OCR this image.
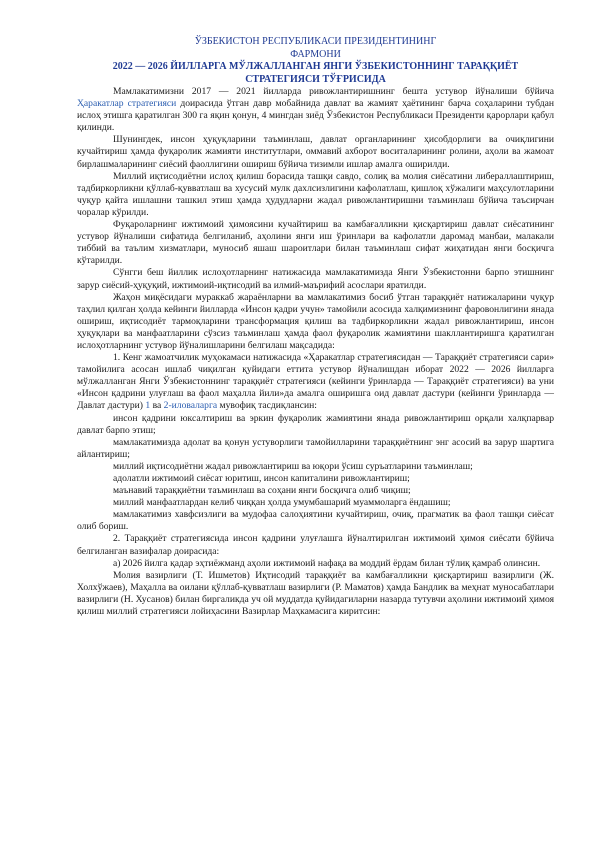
ЎЗБЕКИСТОН РЕСПУБЛИКАСИ ПРЕЗИДЕНТИНИНГ
ФАРМОНИ
2022 — 2026 ЙИЛЛАРГА МЎЛЖАЛЛАНГАН ЯНГИ ЎЗБЕКИСТОННИНГ ТАРАҚҚИЁТ СТРАТЕГИЯСИ ТЎҒРИСИДА

Мамлакатимизни 2017 — 2021 йилларда ривожлантиришнинг бешта устувор йўналиши бўйича Ҳаракатлар стратегияси доирасида ўтган давр мобайнида давлат ва жамият ҳаётининг барча соҳаларини тубдан ислоҳ этишга қаратилган 300 га яқин қонун, 4 мингдан зиёд Ўзбекистон Республикаси Президенти қарорлари қабул қилинди.

Шунингдек, инсон ҳуқуқларини таъминлаш, давлат органларининг ҳисобдорлиги ва очиқлигини кучайтириш ҳамда фуқаролик жамияти институтлари, оммавий ахборот воситаларининг ролини, аҳоли ва жамоат бирлашмаларининг сиёсий фаоллигини ошириш бўйича тизимли ишлар амалга оширилди.

Миллий иқтисодиётни ислоҳ қилиш борасида ташқи савдо, солиқ ва молия сиёсатини либераллаштириш, тадбиркорликни қўллаб-қувватлаш ва хусусий мулк дахлсизлигини кафолатлаш, қишлоқ хўжалиги маҳсулотларини чуқур қайта ишлашни ташкил этиш ҳамда ҳудудларни жадал ривожлантиришни таъминлаш бўйича таъсирчан чоралар кўрилди.

Фуқароларнинг ижтимоий ҳимоясини кучайтириш ва камбағалликни қисқартириш давлат сиёсатининг устувор йўналиши сифатида белгиланиб, аҳолини янги иш ўринлари ва кафолатли даромад манбаи, малакали тиббий ва таълим хизматлари, муносиб яшаш шароитлари билан таъминлаш сифат жиҳатидан янги босқичга кўтарилди.

Сўнгги беш йиллик ислоҳотларнинг натижасида мамлакатимизда Янги Ўзбекистонни барпо этишнинг зарур сиёсий-ҳуқуқий, ижтимоий-иқтисодий ва илмий-маърифий асослари яратилди.

Жаҳон миқёсидаги мураккаб жараёнларни ва мамлакатимиз босиб ўтган тараққиёт натижаларини чуқур таҳлил қилган ҳолда кейинги йилларда «Инсон қадри учун» тамойили асосида халқимизнинг фаровонлигини янада ошириш, иқтисодиёт тармоқларини трансформация қилиш ва тадбиркорликни жадал ривожлантириш, инсон ҳуқуқлари ва манфаатларини сўзсиз таъминлаш ҳамда фаол фуқаролик жамиятини шакллантиришга қаратилган ислоҳотларнинг устувор йўналишларини белгилаш мақсадида:

1. Кенг жамоатчилик муҳокамаси натижасида «Ҳаракатлар стратегиясидан — Тараққиёт стратегияси сари» тамойилига асосан ишлаб чиқилган қуйидаги еттита устувор йўналишдан иборат 2022 — 2026 йилларга мўлжалланган Янги Ўзбекистоннинг тараққиёт стратегияси (кейинги ўринларда — Тараққиёт стратегияси) ва уни «Инсон қадрини улуғлаш ва фаол маҳалла йили»да амалга оширишга оид давлат дастури (кейинги ўринларда — Давлат дастури) 1 ва 2-иловаларга мувофиқ тасдиқлансин:

инсон қадрини юксалтириш ва эркин фуқаролик жамиятини янада ривожлантириш орқали халқпарвар давлат барпо этиш;

мамлакатимизда адолат ва қонун устуворлиги тамойилларини тараққиётнинг энг асосий ва зарур шартига айлантириш;

миллий иқтисодиётни жадал ривожлантириш ва юқори ўсиш суръатларини таъминлаш;

адолатли ижтимоий сиёсат юритиш, инсон капиталини ривожлантириш;

маънавий тараққиётни таъминлаш ва соҳани янги босқичга олиб чиқиш;

миллий манфаатлардан келиб чиққан ҳолда умумбашарий муаммоларга ёндашиш;

мамлакатимиз хавфсизлиги ва мудофаа салоҳиятини кучайтириш, очиқ, прагматик ва фаол ташқи сиёсат олиб бориш.

2. Тараққиёт стратегиясида инсон қадрини улуғлашга йўналтирилган ижтимоий ҳимоя сиёсати бўйича белгиланган вазифалар доирасида:

а) 2026 йилга қадар эҳтиёжманд аҳоли ижтимоий нафақа ва моддий ёрдам билан тўлиқ қамраб олинсин.

Молия вазирлиги (Т. Ишметов) Иқтисодий тараққиёт ва камбағалликни қисқартириш вазирлиги (Ж. Холхўжаев), Маҳалла ва оилани қўллаб-қувватлаш вазирлиги (Р. Маматов) ҳамда Бандлик ва меҳнат муносабатлари вазирлиги (Н. Хусанов) билан биргаликда уч ой муддатда қуйидагиларни назарда тутувчи аҳолини ижтимоий ҳимоя қилиш миллий стратегияси лойиҳасини Вазирлар Маҳкамасига киритсин:
